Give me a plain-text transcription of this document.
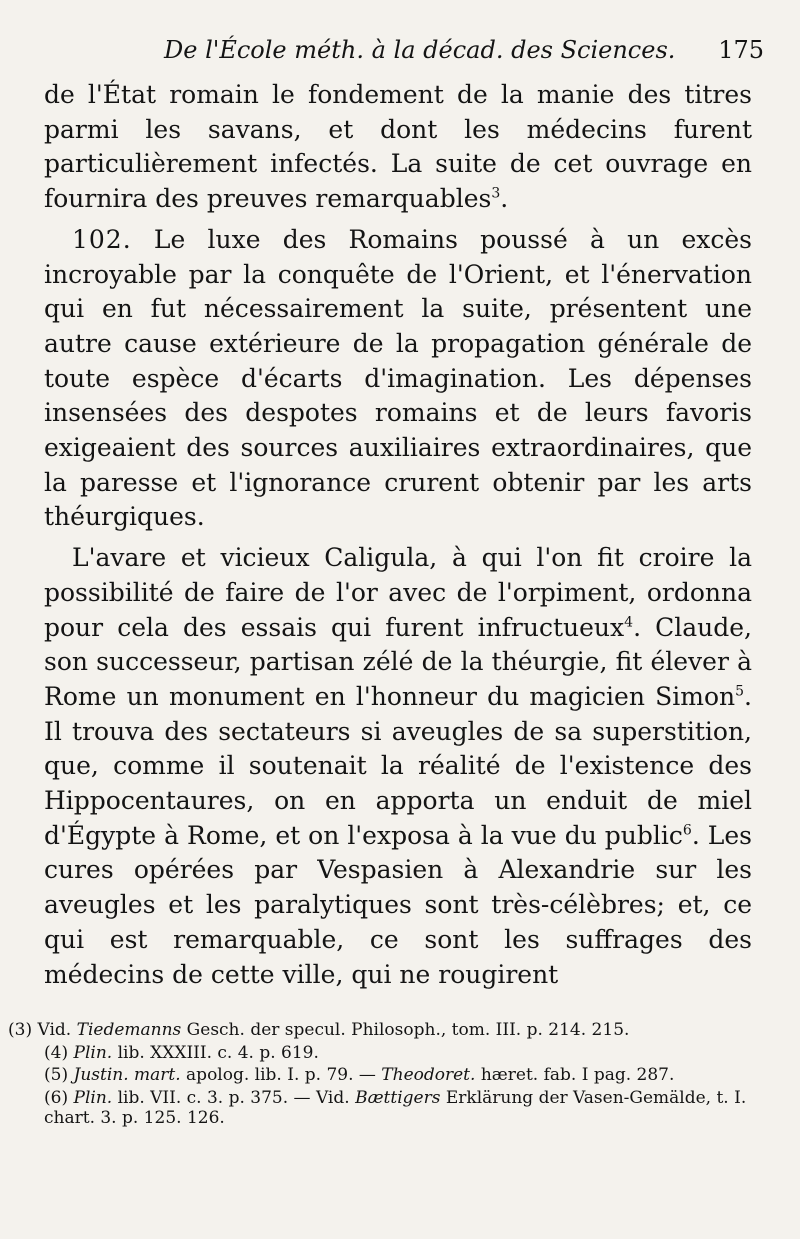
De l'École méth. à la décad. des Sciences. 175

de l'État romain le fondement de la manie des titres parmi les savans, et dont les médecins furent particulièrement infectés. La suite de cet ouvrage en fournira des preuves remarquables$^3$.

102. Le luxe des Romains poussé à un excès incroyable par la conquête de l'Orient, et l'énervation qui en fut nécessairement la suite, présentent une autre cause extérieure de la propagation générale de toute espèce d'écarts d'imagination. Les dépenses insensées des despotes romains et de leurs favoris exigeaient des sources auxiliaires extraordinaires, que la paresse et l'ignorance crurent obtenir par les arts théurgiques.

L'avare et vicieux Caligula, à qui l'on fit croire la possibilité de faire de l'or avec de l'orpiment, ordonna pour cela des essais qui furent infructueux$^4$. Claude, son successeur, partisan zélé de la théurgie, fit élever à Rome un monument en l'honneur du magicien Simon$^5$. Il trouva des sectateurs si aveugles de sa superstition, que, comme il soutenait la réalité de l'existence des Hippocentaures, on en apporta un enduit de miel d'Égypte à Rome, et on l'exposa à la vue du public$^6$. Les cures opérées par Vespasien à Alexandrie sur les aveugles et les paralytiques sont très-célèbres; et, ce qui est remarquable, ce sont les suffrages des médecins de cette ville, qui ne rougirent

(3) Vid. Tiedemanns Gesch. der specul. Philosoph., tom. III. p. 214. 215.

(4) Plin. lib. XXXIII. c. 4. p. 619.

(5) Justin. mart. apolog. lib. I. p. 79. — Theodoret. hæret. fab. I pag. 287.

(6) Plin. lib. VII. c. 3. p. 375. — Vid. Bættigers Erklärung der Vasen-Gemälde, t. I. chart. 3. p. 125. 126.
